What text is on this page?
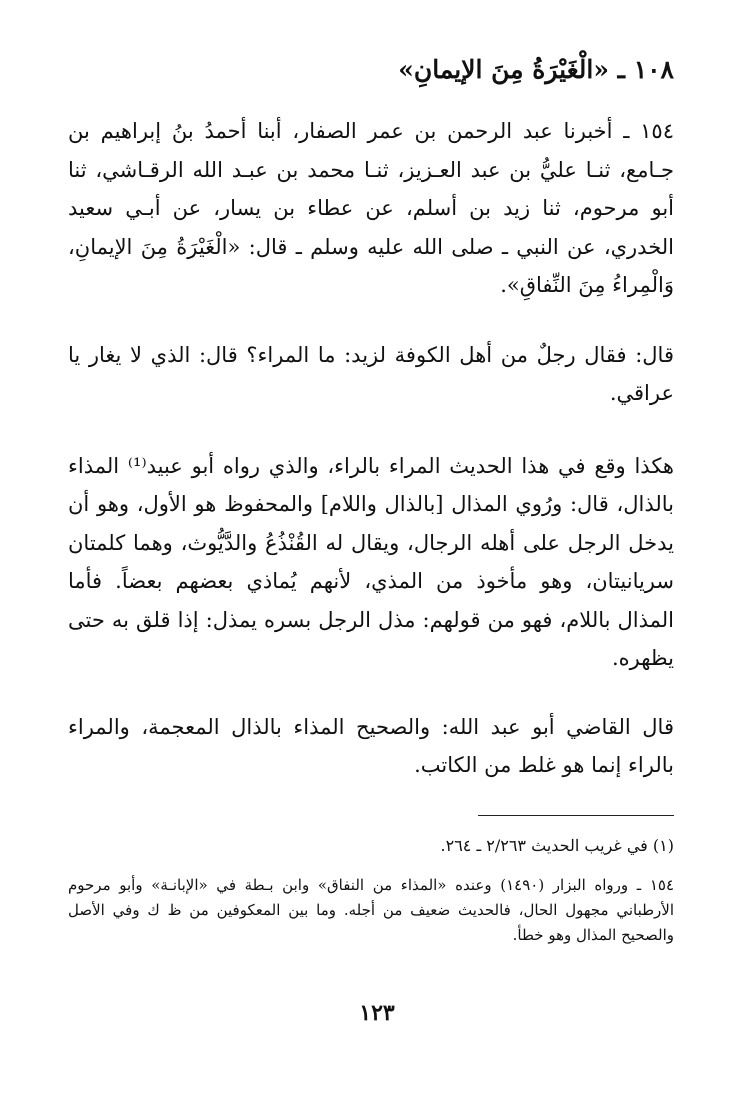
١٠٨ ـ «الْغَيْرَةُ مِنَ الإيمانِ»

١٥٤ ـ أخبرنا عبد الرحمن بن عمر الصفار، أبنا أحمدُ بنُ إبراهيم بن جـامع، ثنـا عليُّ بن عبد العـزيز، ثنـا محمد بن عبـد الله الرقـاشي، ثنا أبو مرحوم، ثنا زيد بن أسلم، عن عطاء بن يسار، عن أبـي سعيد الخدري، عن النبي ـ صلى الله عليه وسلم ـ قال: «الْغَيْرَةُ مِنَ الإيمانِ، وَالْمِراءُ مِنَ النِّفاقِ».

قال: فقال رجلٌ من أهل الكوفة لزيد: ما المراء؟ قال: الذي لا يغار يا عراقي.

هكذا وقع في هذا الحديث المراء بالراء، والذي رواه أبو عبيد⁽¹⁾ المذاء بالذال، قال: ورُوي المذال [بالذال واللام] والمحفوظ هو الأول، وهو أن يدخل الرجل على أهله الرجال، ويقال له القُنْذُعُ والدَّيُّوث، وهما كلمتان سريانيتان، وهو مأخوذ من المذي، لأنهم يُماذي بعضهم بعضاً. فأما المذال باللام، فهو من قولهم: مذل الرجل بسره يمذل: إذا قلق به حتى يظهره.

قال القاضي أبو عبد الله: والصحيح المذاء بالذال المعجمة، والمراء بالراء إنما هو غلط من الكاتب.

(١) في غريب الحديث ٢/٢٦٣ ـ ٢٦٤.

١٥٤ ـ ورواه البزار (١٤٩٠) وعنده «المذاء من النفاق» وابن بـطة في «الإبانـة» وأبو مرحوم الأرطباني مجهول الحال، فالحديث ضعيف من أجله. وما بين المعكوفين من ظ ك وفي الأصل والصحيح المذال وهو خطأ.

١٢٣
